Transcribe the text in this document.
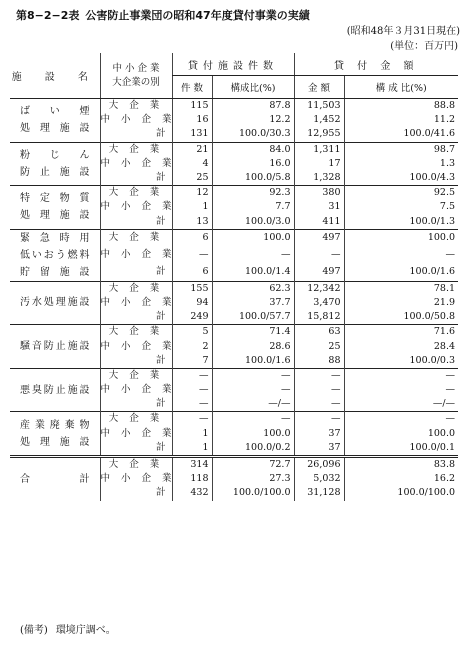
第8−2−2表 公害防止事業団の昭和47年度貸付事業の実績
(昭和48年３月31日現在)
(単位：百万円)
施 設 名	中 小 企 業
大企業の別	貸付施設件数		貸 付 金 額	
		件 数	構成比(%)	金 額	構 成 比(%)

ばい煙
処理施設	大 企 業	115	87.8	11,503	88.8
	中 小 企 業	16	12.2	1,452	11.2
	計	131	100.0/30.3	12,955	100.0/41.6

粉じん
防止施設	大 企 業	21	84.0	1,311	98.7
	中 小 企 業	4	16.0	17	1.3
	計	25	100.0/5.8	1,328	100.0/4.3

特定物質
処理施設	大 企 業	12	92.3	380	92.5
	中 小 企 業	1	7.7	31	7.5
	計	13	100.0/3.0	411	100.0/1.3

緊急時用
低いおう燃料
貯留施設	大 企 業	6	100.0	497	100.0
	中 小 企 業	—	—	—	—
	計	6	100.0/1.4	497	100.0/1.6

汚水処理施設	大 企 業	155	62.3	12,342	78.1
	中 小 企 業	94	37.7	3,470	21.9
	計	249	100.0/57.7	15,812	100.0/50.8

騒音防止施設	大 企 業	5	71.4	63	71.6
	中 小 企 業	2	28.6	25	28.4
	計	7	100.0/1.6	88	100.0/0.3

悪臭防止施設	大 企 業	—	—	—	—
	中 小 企 業	—	—	—	—
	計	—	—/—	—	—/—

産業廃棄物
処理施設	大 企 業	—	—	—	—
	中 小 企 業	1	100.0	37	100.0
	計	1	100.0/0.2	37	100.0/0.1

合　　計	大 企 業	314	72.7	26,096	83.8
	中 小 企 業	118	27.3	5,032	16.2
	計	432	100.0/100.0	31,128	100.0/100.0
(備考) 環境庁調べ。
